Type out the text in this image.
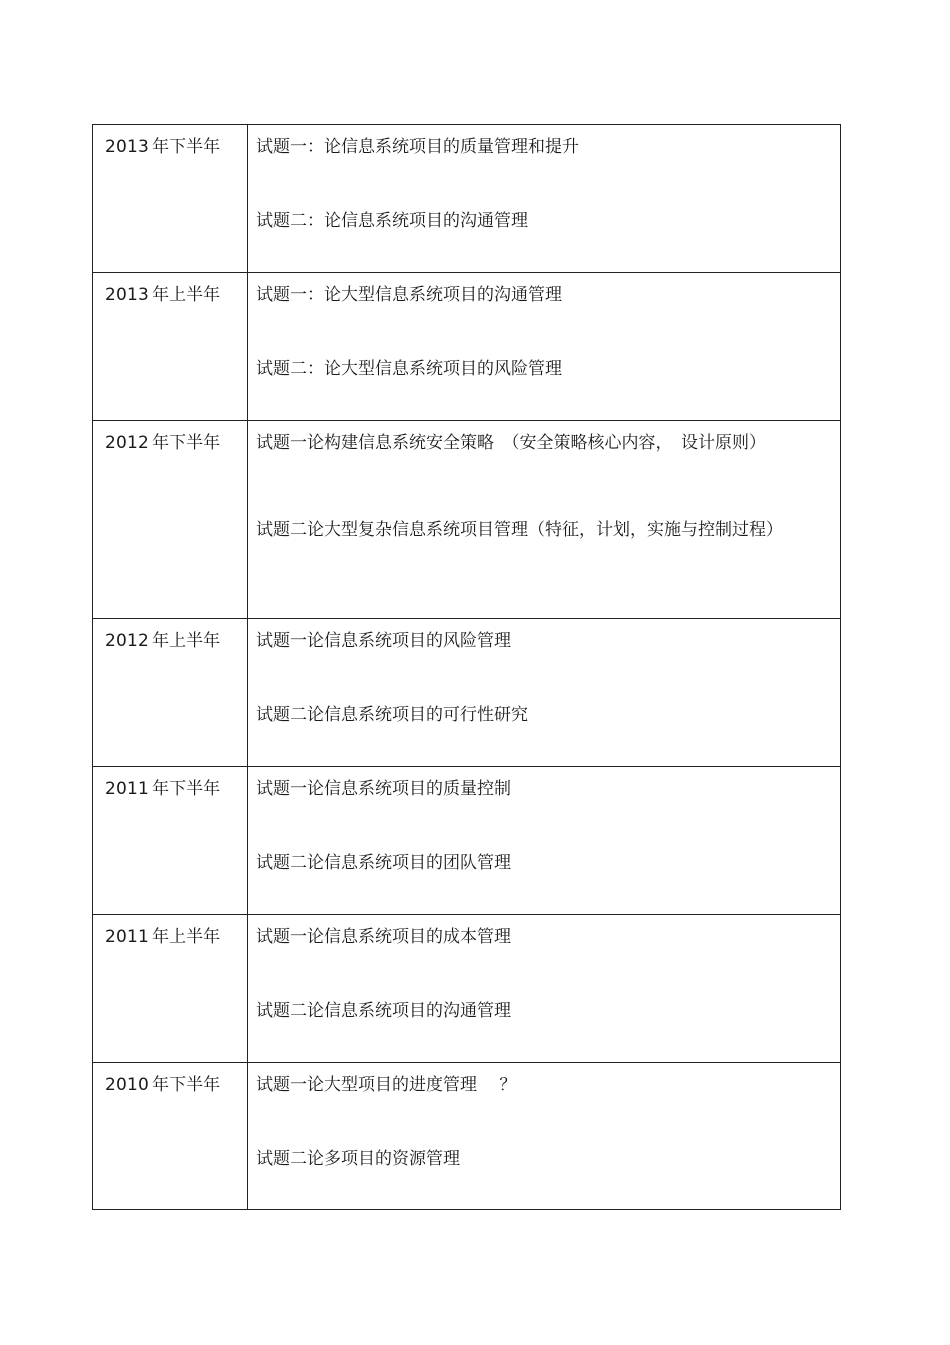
2013 年下半年	试题一：论信息系统项目的质量管理和提升

试题二：论信息系统项目的沟通管理

2013 年上半年	试题一：论大型信息系统项目的沟通管理

试题二：论大型信息系统项目的风险管理

2012 年下半年	试题一论构建信息系统安全策略　（安全策略核心内容，　设计原则）

试题二论大型复杂信息系统项目管理（特征，计划，实施与控制过程）

2012 年上半年	试题一论信息系统项目的风险管理

试题二论信息系统项目的可行性研究

2011 年下半年	试题一论信息系统项目的质量控制

试题二论信息系统项目的团队管理

2011 年上半年	试题一论信息系统项目的成本管理

试题二论信息系统项目的沟通管理

2010 年下半年	试题一论大型项目的进度管理　 ？

试题二论多项目的资源管理
